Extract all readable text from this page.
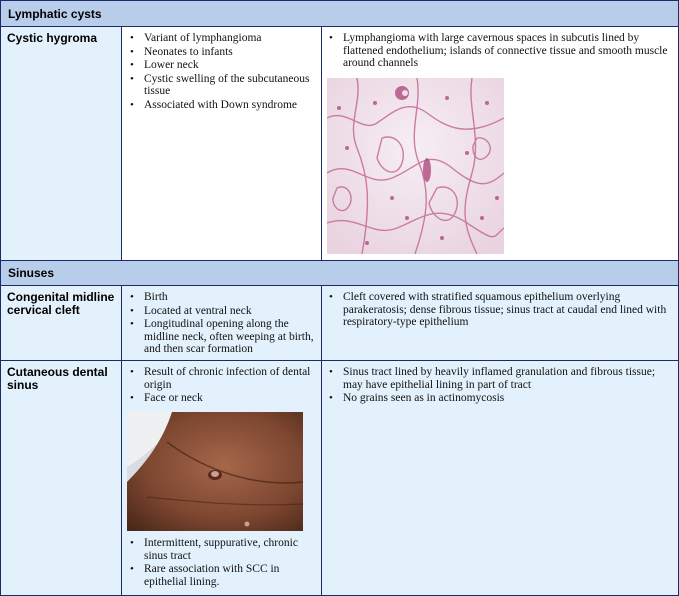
Lymphatic cysts
Sinuses
Cystic hygroma
•	Variant of lymphangioma
• Neonates to infants
• Lower neck
• Cystic swelling of the subcutaneous tissue
• Associated with Down syndrome
• Lymphangioma with large cavernous spaces in subcutis lined by flattened endothelium; islands of connective tissue and smooth muscle around channels
Congenital midline cervical cleft
• Birth
• Located at ventral neck
• Longitudinal opening along the midline neck, often weeping at birth, and then scar formation
• Cleft covered with stratified squamous epithelium overlying parakeratosis; dense fibrous tissue; sinus tract at caudal end lined with respiratory-type epithelium
Cutaneous dental sinus
• Result of chronic infection of dental origin
• Face or neck
• Intermittent, suppurative, chronic sinus tract
• Rare association with SCC in epithelial lining.
• Sinus tract lined by heavily inflamed granulation and fibrous tissue; may have epithelial lining in part of tract
• No grains seen as in actinomycosis
